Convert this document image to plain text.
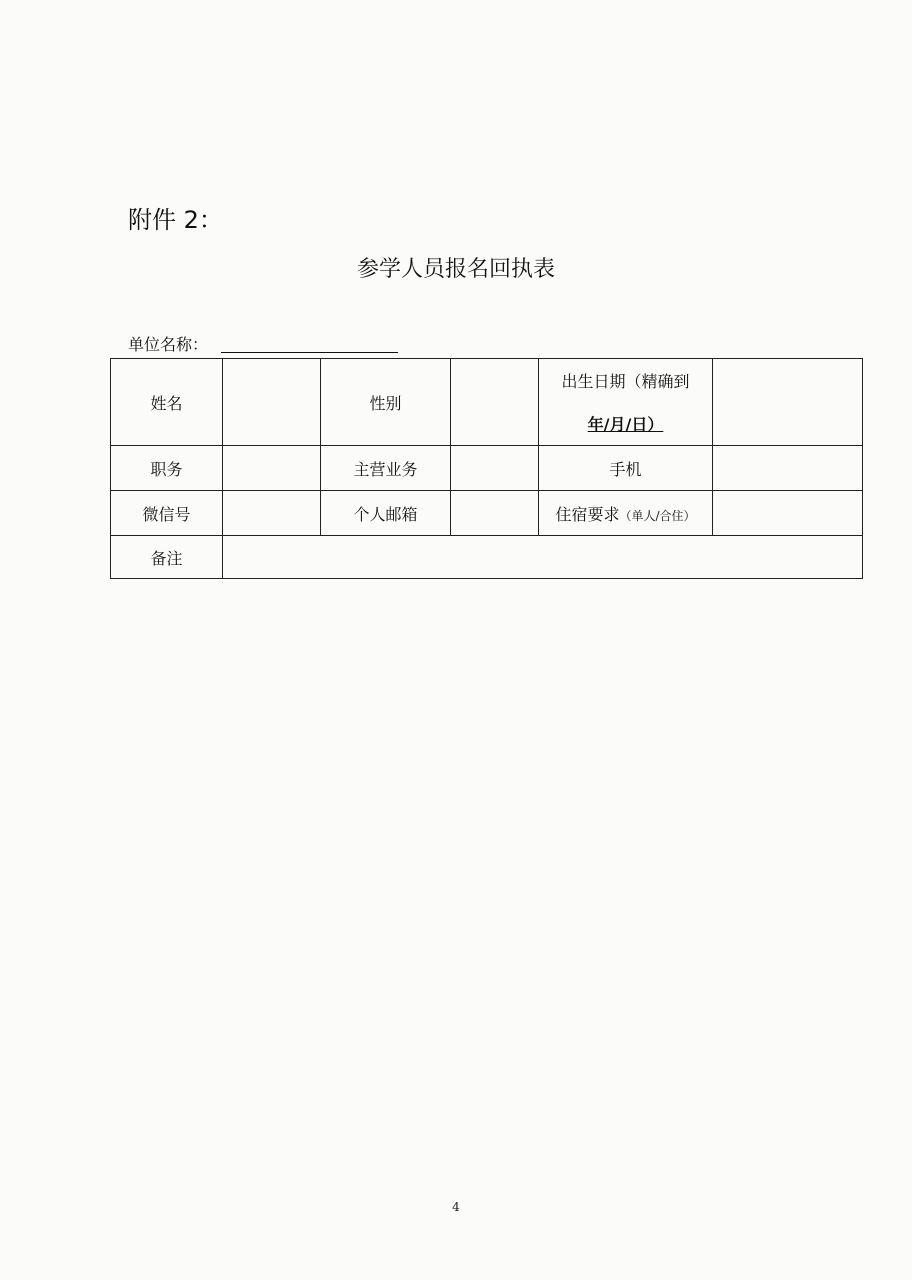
附件 2：
参学人员报名回执表
单位名称：
姓名		性别		出生日期（精确到
年/月/日）	

职务		主营业务		手机	
微信号		个人邮箱		住宿要求（单人/合住）	
备注					
4
